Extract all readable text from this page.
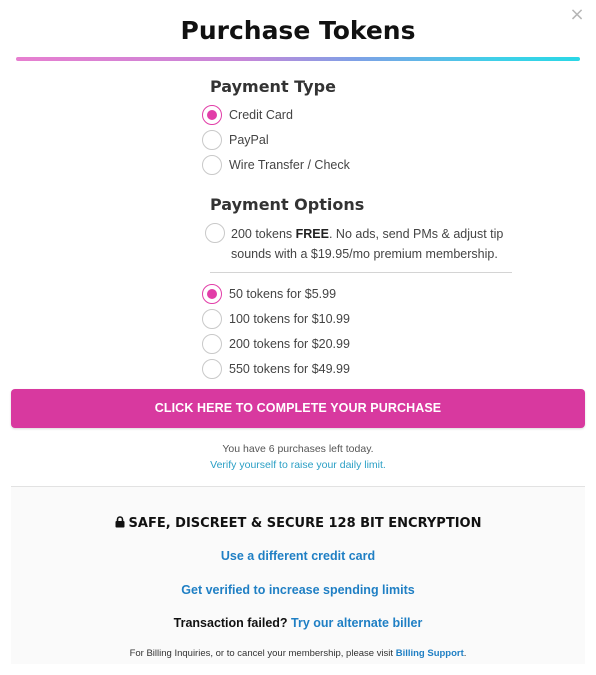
×
Purchase Tokens
Payment Type
Credit Card
PayPal
Wire Transfer / Check
Payment Options
200 tokens FREE. No ads, send PMs & adjust tip sounds with a $19.95/mo premium membership.
50 tokens for $5.99
100 tokens for $10.99
200 tokens for $20.99
550 tokens for $49.99
CLICK HERE TO COMPLETE YOUR PURCHASE
You have 6 purchases left today.
Verify yourself to raise your daily limit.
SAFE, DISCREET & SECURE 128 BIT ENCRYPTION
Use a different credit card
Get verified to increase spending limits
Transaction failed? Try our alternate biller
For Billing Inquiries, or to cancel your membership, please visit Billing Support.
